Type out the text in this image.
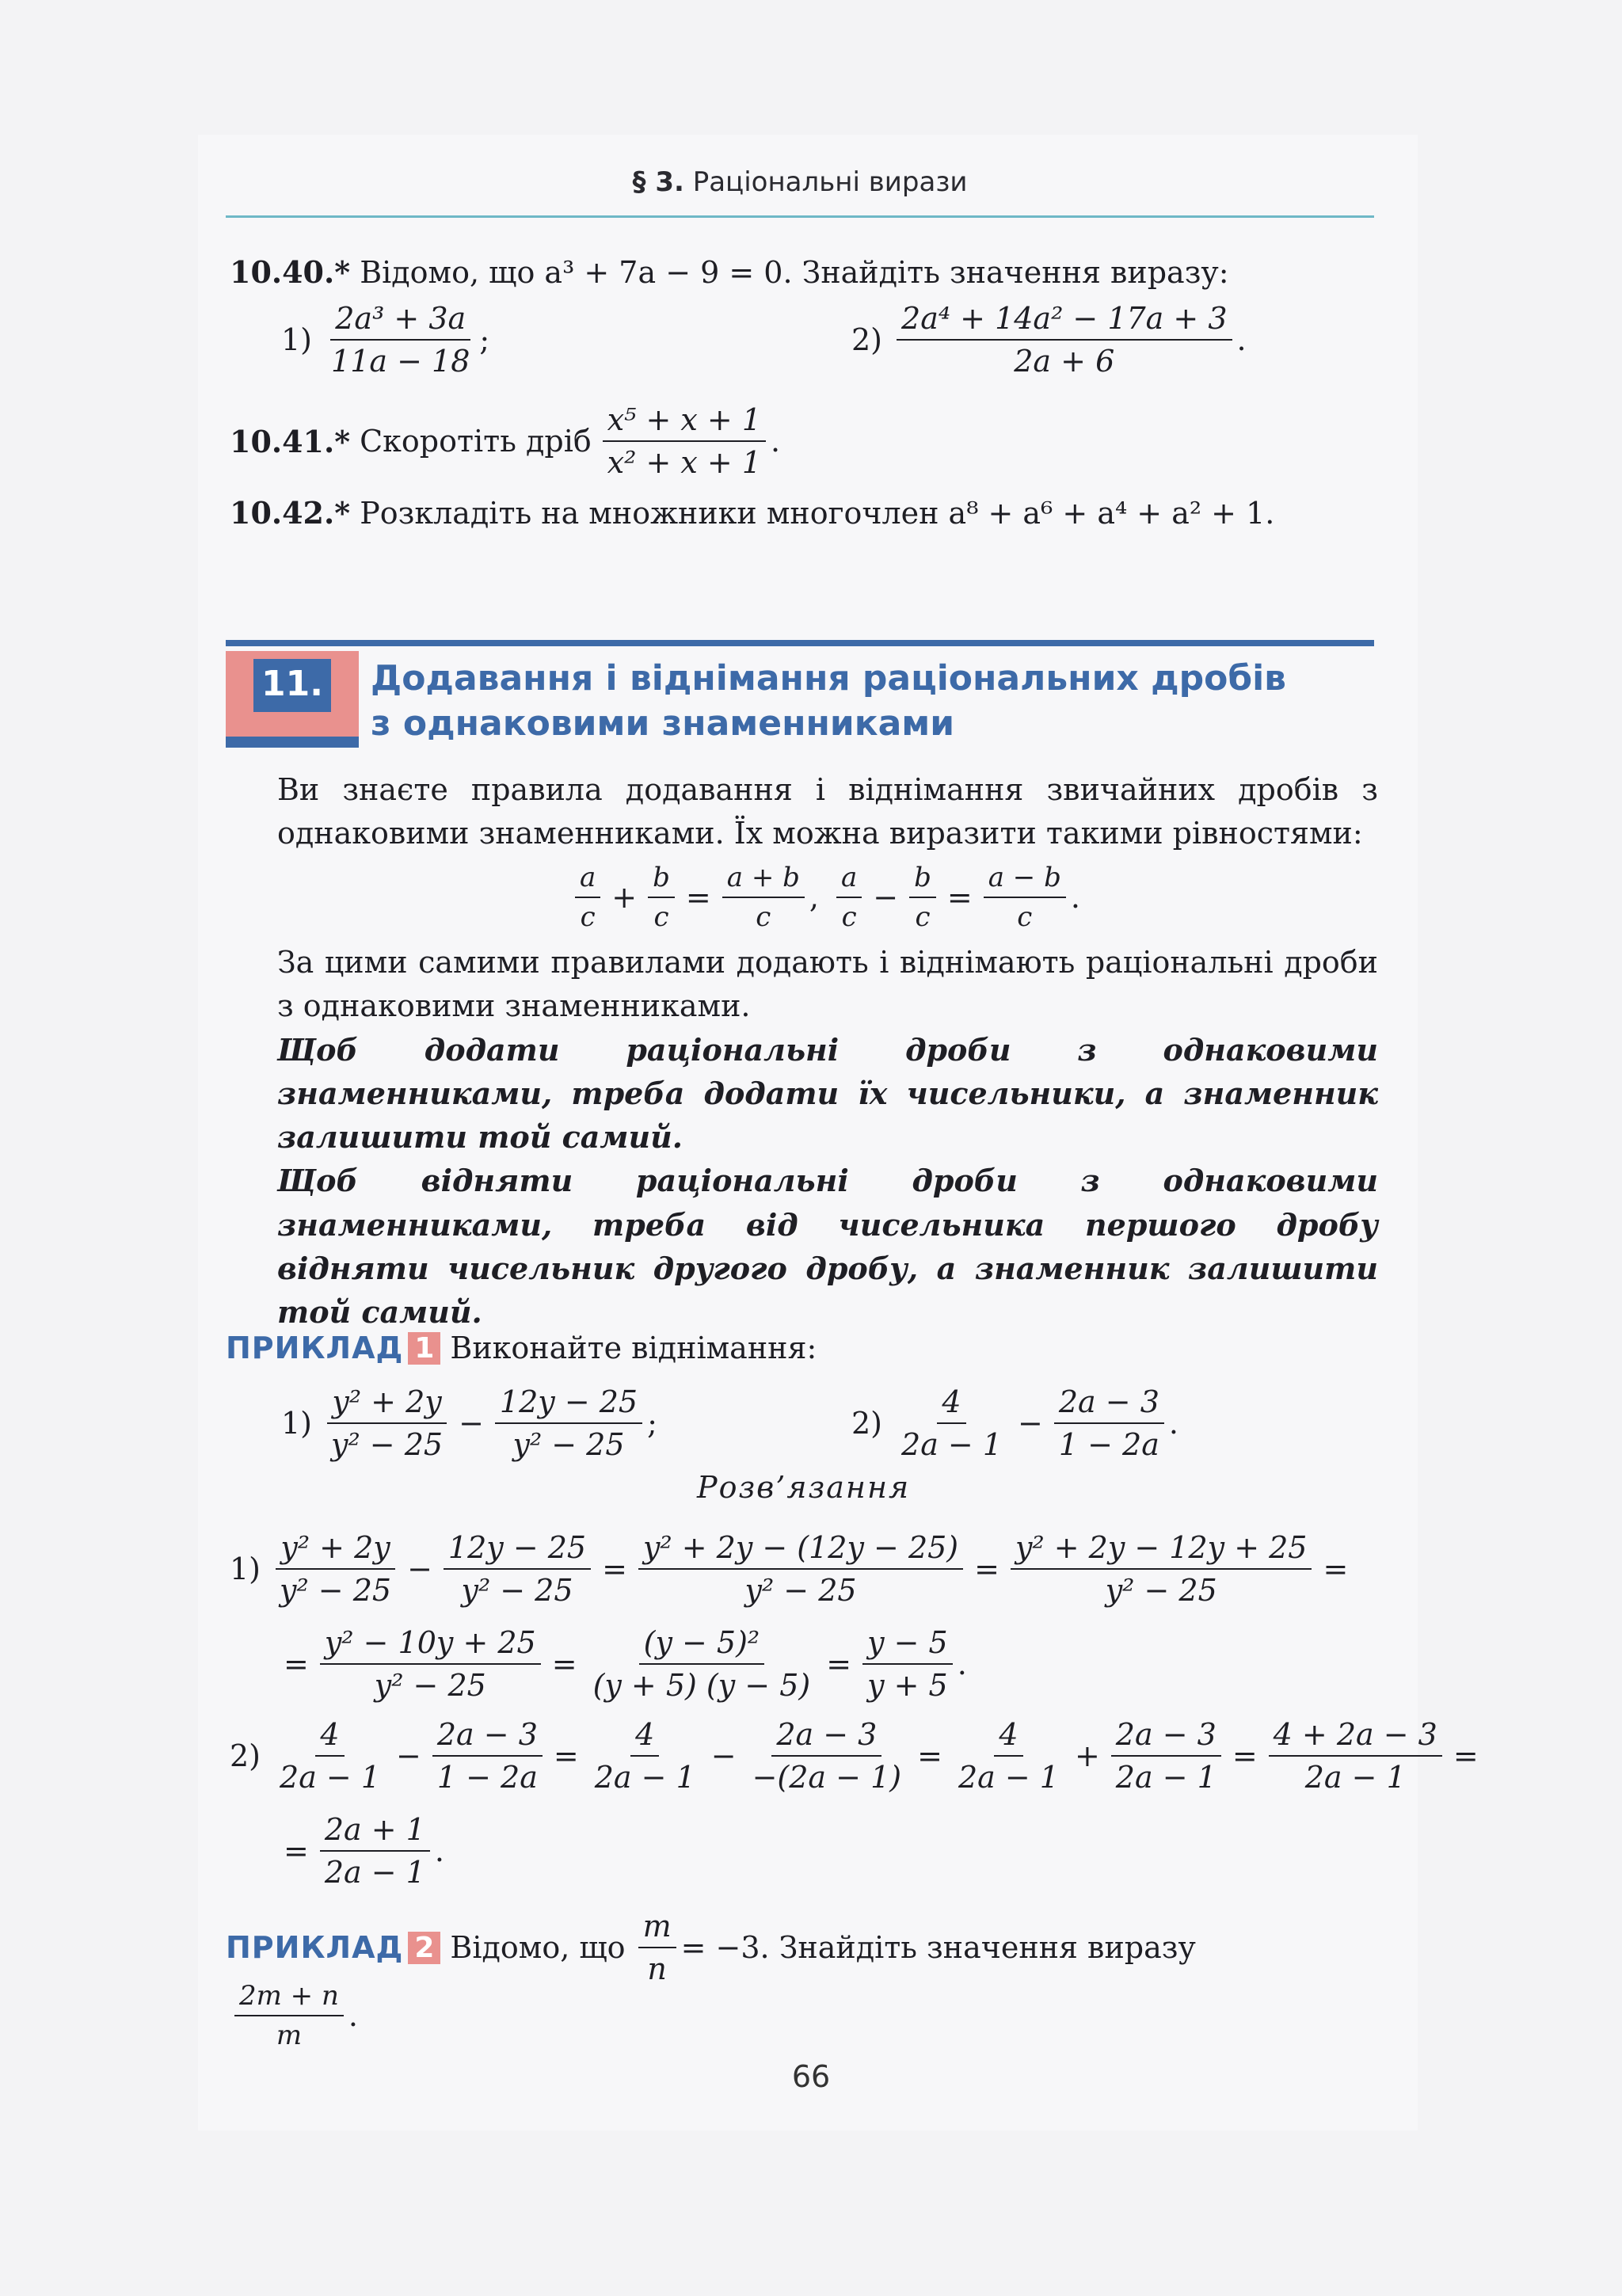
§ 3. Раціональні вирази
10.40.* Відомо, що a³ + 7a − 9 = 0. Знайдіть значення виразу:
$1) \frac{\text{2a³ + 3a}}{11a - 18}$ ;	$2) \frac{\text{2a⁴ + 14a² − 17a + 3}}{2a + 6}$ .
10.41.* Скоротіть дріб $\frac{\text{x⁵ + x + 1}}{\text{x² + x + 1}}$ .
10.42.* Розкладіть на множники многочлен a⁸ + a⁶ + a⁴ + a² + 1.
11. Додавання і віднімання раціональних дробів
з однаковими знаменниками
Ви знаєте правила додавання і віднімання звичайних дробів з однаковими знаменниками. Їх можна виразити такими рівностями:
$\frac{a}{c} + \frac{b}{c} = \frac{a + b}{c}$ , $\frac{a}{c} - \frac{b}{c} = \frac{a - b}{c}$ .
За цими самими правилами додають і віднімають раціональні дроби з однаковими знаменниками.
Щоб додати раціональні дроби з однаковими знаменниками, треба додати їх чисельники, а знаменник залишити той самий.
Щоб відняти раціональні дроби з однаковими знаменниками, треба від чисельника першого дробу відняти чисельник другого дробу, а знаменник залишити той самий.
ПРИКЛАД 1 Виконайте віднімання:
$1) \frac{\text{y² + 2y}}{\text{y² − 25}} - \frac{12y - 25}{\text{y² − 25}}$ ;	$2) \frac{4}{2a - 1} - \frac{2a - 3}{1 - 2a}$ .
Розв’язання
$1) \frac{\text{y² + 2y}}{\text{y² − 25}} - \frac{12y - 25}{\text{y² − 25}} = \frac{\text{y² + 2y − (12y − 25)}}{\text{y² − 25}} = \frac{\text{y² + 2y − 12y + 25}}{\text{y² − 25}}$ =
= $\frac{\text{y² − 10y + 25}}{\text{y² − 25}} = \frac{\text{(y − 5)²}}{(y + 5) (y - 5)} = \frac{y - 5}{y + 5}$ .
$2) \frac{4}{2a - 1} - \frac{2a - 3}{1 - 2a} = \frac{4}{2a - 1} - \frac{2a - 3}{-(2a - 1)} = \frac{4}{2a - 1} + \frac{2a - 3}{2a - 1} = \frac{4 + 2a - 3}{2a - 1}$ =
= $\frac{2a + 1}{2a - 1}$ .
ПРИКЛАД 2 Відомо, що $\frac{m}{n} = -3$. Знайдіть значення виразу
$\frac{2m + n}{m}$ .
66
